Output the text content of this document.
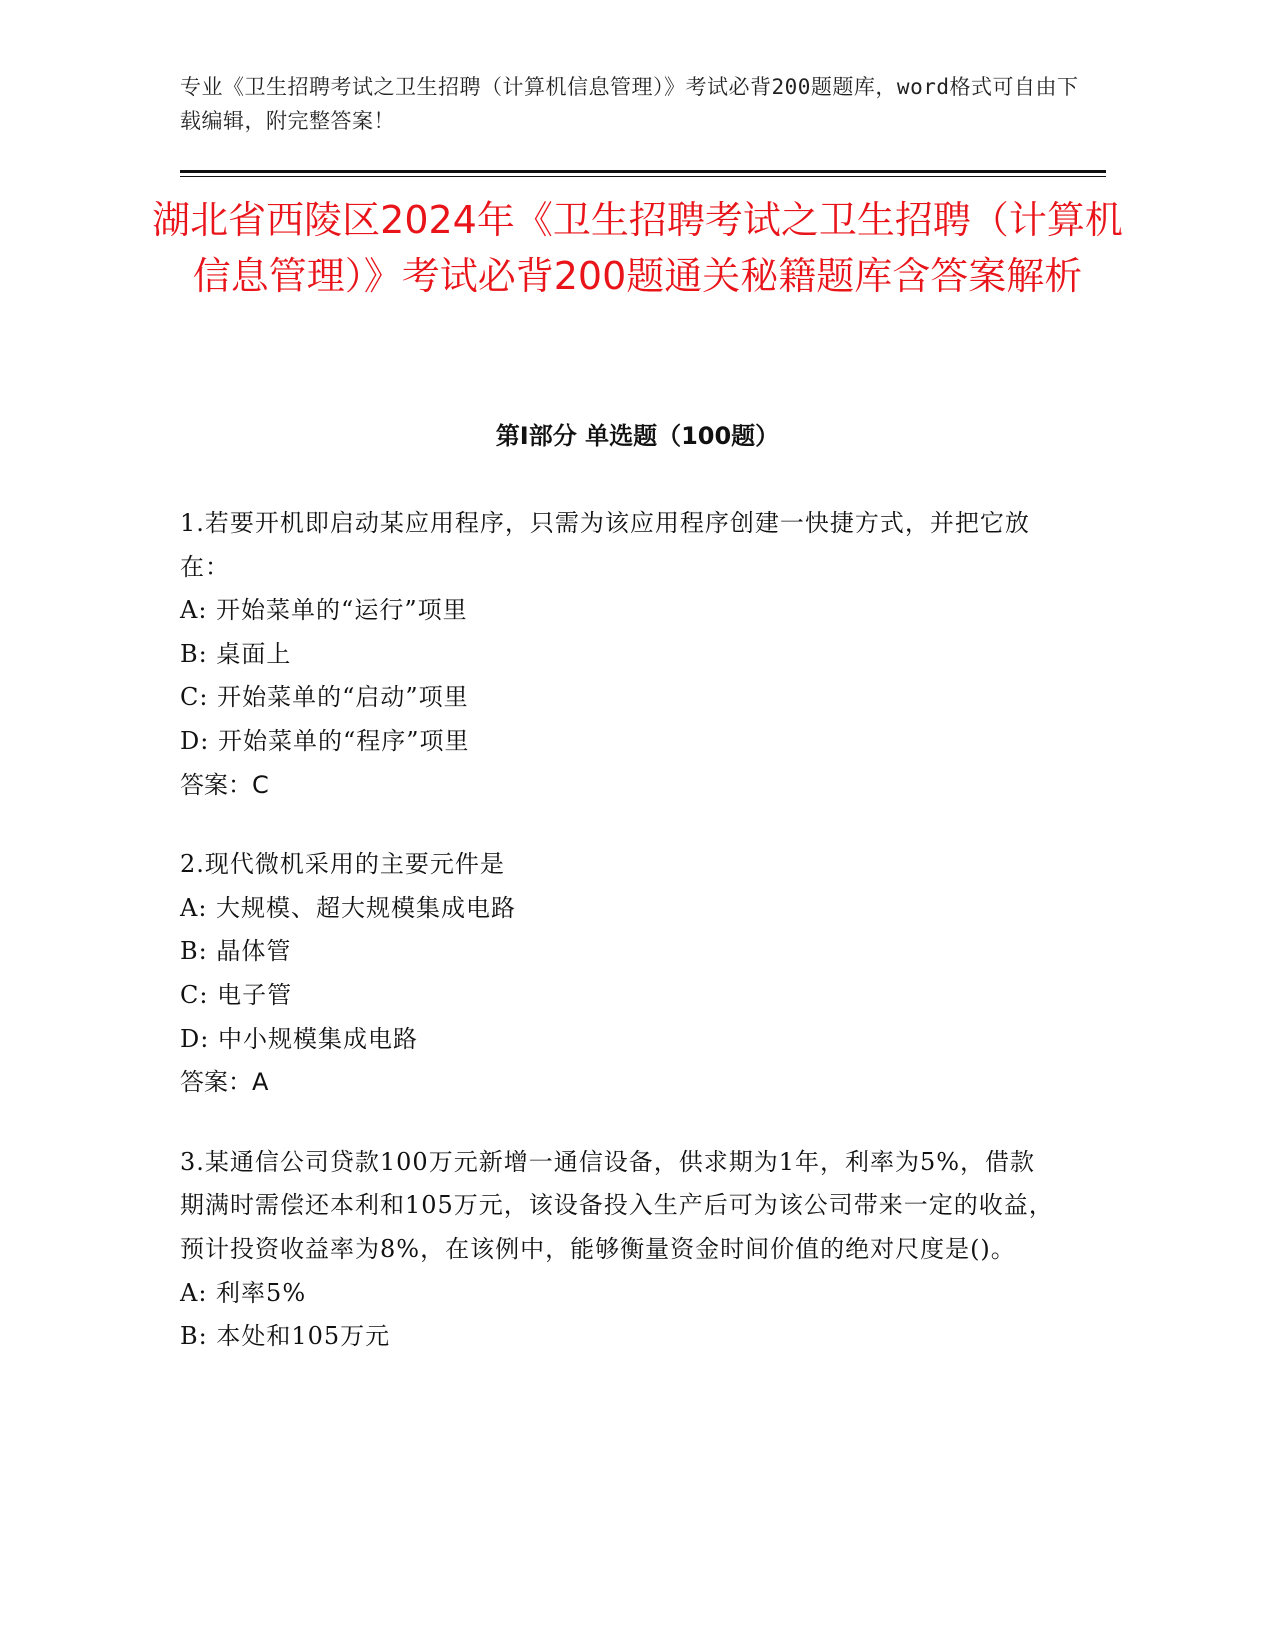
专业《卫生招聘考试之卫生招聘（计算机信息管理）》考试必背200题题库，word格式可自由下载编辑，附完整答案！
湖北省西陵区2024年《卫生招聘考试之卫生招聘（计算机信息管理）》考试必背200题通关秘籍题库含答案解析
第I部分 单选题（100题）

1.若要开机即启动某应用程序，只需为该应用程序创建一快捷方式，并把它放在：

A: 开始菜单的“运行”项里

B: 桌面上

C: 开始菜单的“启动”项里

D: 开始菜单的“程序”项里

答案：C

2.现代微机采用的主要元件是

A: 大规模、超大规模集成电路

B: 晶体管

C: 电子管

D: 中小规模集成电路

答案：A

3.某通信公司贷款100万元新增一通信设备，供求期为1年，利率为5%，借款期满时需偿还本利和105万元，该设备投入生产后可为该公司带来一定的收益，预计投资收益率为8%，在该例中，能够衡量资金时间价值的绝对尺度是()。

A: 利率5%

B: 本处和105万元
